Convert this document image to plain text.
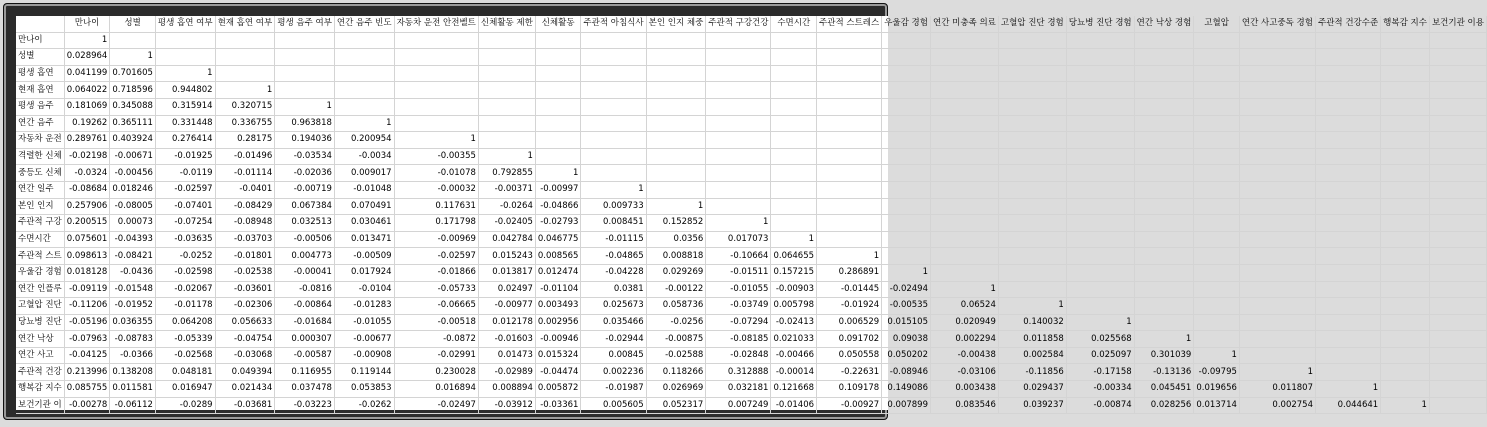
	만나이	성별	평생 흡연 여부	현재 흡연 여부	평생 음주 여부	연간 음주 빈도	자동차 운전 안전벨트	신체활동 제한	신체활동	주관적 아침식사	본인 인지 체중	주관적 구강건강	수면시간	주관적 스트레스	우울감 경험	연간 미충족 의료	고혈압 진단 경험	당뇨병 진단 경험	연간 낙상 경험	고혈압	연간 사고중독 경험	주관적 건강수준	행복감 지수	보건기관 이용
만나이	1																							
성별	0.028964	1																						
평생 흡연	0.041199	0.701605	1																					
현재 흡연	0.064022	0.718596	0.944802	1																				
평생 음주	0.181069	0.345088	0.315914	0.320715	1																			
연간 음주	0.19262	0.365111	0.331448	0.336755	0.963818	1																		
자동차 운전	0.289761	0.403924	0.276414	0.28175	0.194036	0.200954	1																	
격렬한 신체	-0.02198	-0.00671	-0.01925	-0.01496	-0.03534	-0.0034	-0.00355	1																
중등도 신체	-0.0324	-0.00456	-0.0119	-0.01114	-0.02036	0.009017	-0.01078	0.792855	1															
연간 일주	-0.08684	0.018246	-0.02597	-0.0401	-0.00719	-0.01048	-0.00032	-0.00371	-0.00997	1														
본인 인지	0.257906	-0.08005	-0.07401	-0.08429	0.067384	0.070491	0.117631	-0.0264	-0.04866	0.009733	1													
주관적 구강	0.200515	0.00073	-0.07254	-0.08948	0.032513	0.030461	0.171798	-0.02405	-0.02793	0.008451	0.152852	1												
수면시간	0.075601	-0.04393	-0.03635	-0.03703	-0.00506	0.013471	-0.00969	0.042784	0.046775	-0.01115	0.0356	0.017073	1											
주관적 스트	0.098613	-0.08421	-0.0252	-0.01801	0.004773	-0.00509	-0.02597	0.015243	0.008565	-0.04865	0.008818	-0.10664	0.064655	1										
우울감 경험	0.018128	-0.0436	-0.02598	-0.02538	-0.00041	0.017924	-0.01866	0.013817	0.012474	-0.04228	0.029269	-0.01511	0.157215	0.286891	1									
연간 인플루	-0.09119	-0.01548	-0.02067	-0.03601	-0.0816	-0.0104	-0.05733	0.02497	-0.01104	0.0381	-0.00122	-0.01055	-0.00903	-0.01445	-0.02494	1								
고혈압 진단	-0.11206	-0.01952	-0.01178	-0.02306	-0.00864	-0.01283	-0.06665	-0.00977	0.003493	0.025673	0.058736	-0.03749	0.005798	-0.01924	-0.00535	0.06524	1							
당뇨병 진단	-0.05196	0.036355	0.064208	0.056633	-0.01684	-0.01055	-0.00518	0.012178	0.002956	0.035466	-0.0256	-0.07294	-0.02413	0.006529	0.015105	0.020949	0.140032	1						
연간 낙상	-0.07963	-0.08783	-0.05339	-0.04754	0.000307	-0.00677	-0.0872	-0.01603	-0.00946	-0.02944	-0.00875	-0.08185	0.021033	0.091702	0.09038	0.002294	0.011858	0.025568	1					
연간 사고	-0.04125	-0.0366	-0.02568	-0.03068	-0.00587	-0.00908	-0.02991	0.01473	0.015324	0.00845	-0.02588	-0.02848	-0.00466	0.050558	0.050202	-0.00438	0.002584	0.025097	0.301039	1				
주관적 건강	0.213996	0.138208	0.048181	0.049394	0.116955	0.119144	0.230028	-0.02989	-0.04474	0.002236	0.118266	0.312888	-0.00014	-0.22631	-0.08946	-0.03106	-0.11856	-0.17158	-0.13136	-0.09795	1			
행복감 지수	0.085755	0.011581	0.016947	0.021434	0.037478	0.053853	0.016894	0.008894	0.005872	-0.01987	0.026969	0.032181	0.121668	0.109178	0.149086	0.003438	0.029437	-0.00334	0.045451	0.019656	0.011807	1		
보건기관 이	-0.00278	-0.06112	-0.0289	-0.03681	-0.03223	-0.0262	-0.02497	-0.03912	-0.03361	0.005605	0.052317	0.007249	-0.01406	-0.00927	0.007899	0.083546	0.039237	-0.00874	0.028256	0.013714	0.002754	0.044641	1	
